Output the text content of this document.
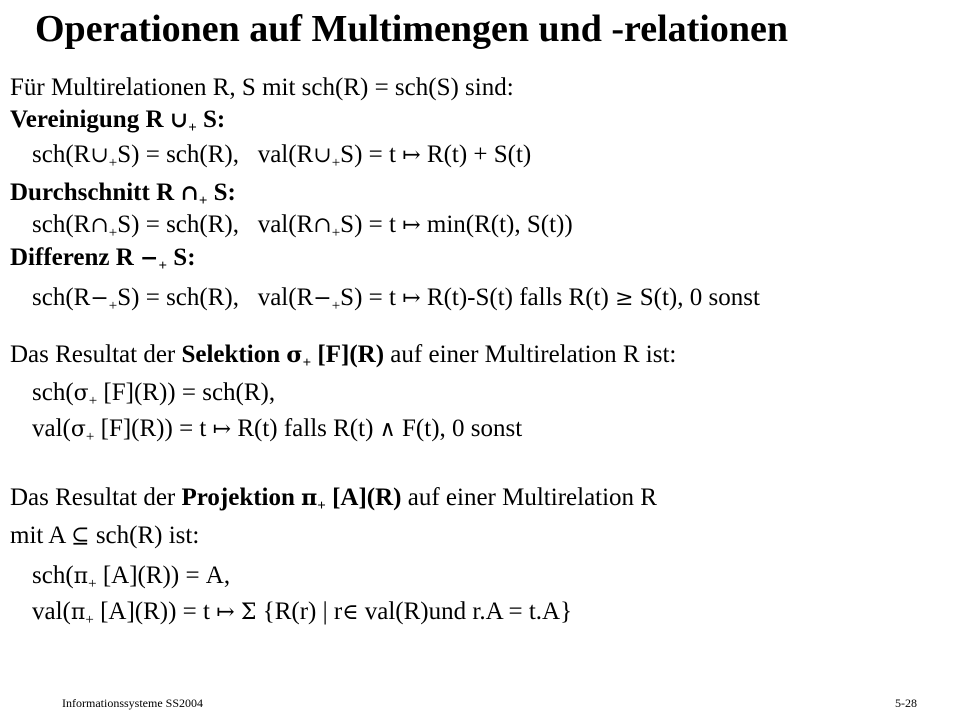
Operationen auf Multimengen und -relationen
Für Multirelationen R, S mit sch(R) = sch(S) sind:
Vereinigung R $\cup_+$ S:
$sch(R\cup_+S) = sch(R)$,   $val(R\cup_+S) = t$ ↦ R(t) + S(t)
Durchschnitt R $\cap_+$ S:
$sch(R\cap_+S) = sch(R)$,   $val(R\cap_+S) = t$ ↦ min(R(t), S(t))
Differenz $R -_+$ S:
$sch(R-_+S) = sch(R)$,   $val(R-_+S) = t$ ↦ R(t)-S(t) falls R(t) ≥ S(t), 0 sonst
Das Resultat der Selektion $\sigma_+$ [F](R) auf einer Multirelation R ist:
$sch(\sigma_+$ [F](R)) = sch(R),
$val(\sigma_+$ [F](R)) = t ↦ R(t) falls R(t) ∧ F(t), 0 sonst
Das Resultat der Projektion $\pi_+$ [A](R) auf einer Multirelation R
mit A ⊆ sch(R) ist:
$sch(\pi_+$ [A](R)) = A,
$val(\pi_+$ [A](R)) = t ↦ Σ {R(r) | r∈ val(R)und r.A = t.A}
Informationssysteme SS2004	5-28
